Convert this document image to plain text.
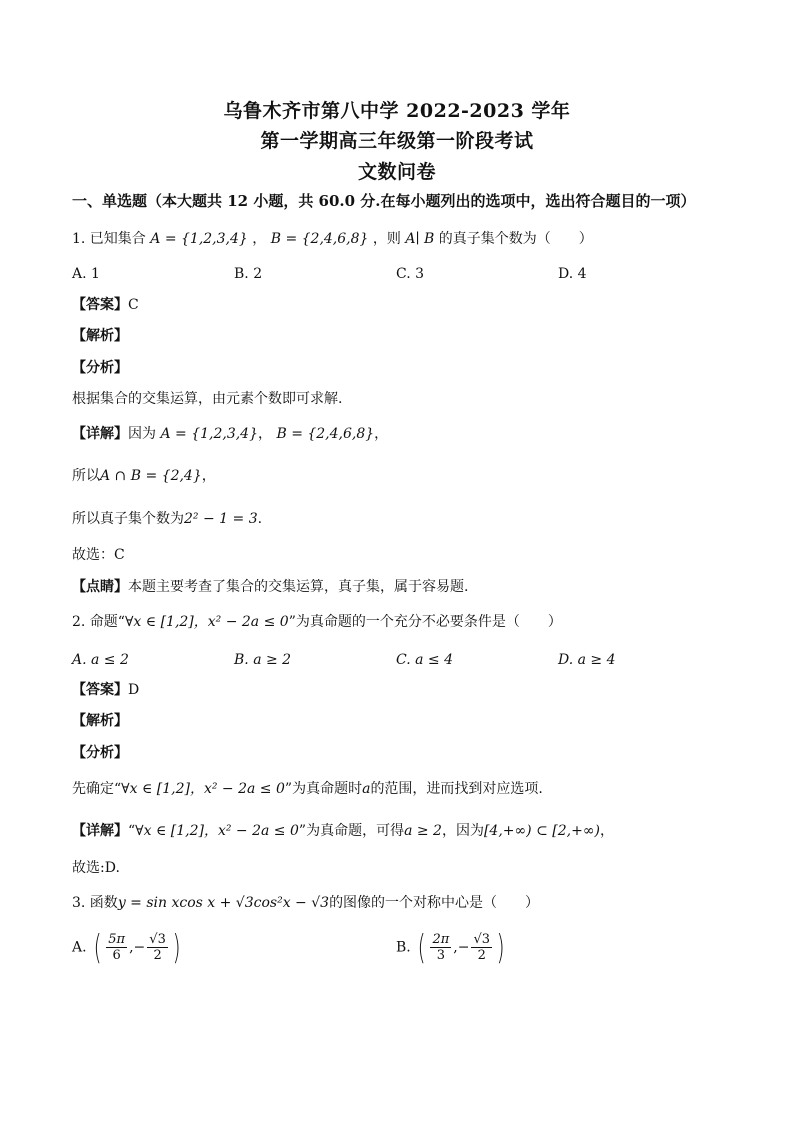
乌鲁木齐市第八中学 2022-2023 学年
第一学期高三年级第一阶段考试
文数问卷
一、单选题（本大题共 12 小题，共 60.0 分.在每小题列出的选项中，选出符合题目的一项）
1. 已知集合 A = {1,2,3,4} ， B = {2,4,6,8} ，则 A∣ B 的真子集个数为（　　）
A. 1	B. 2	C. 3	D. 4
【答案】C
【解析】
【分析】
根据集合的交集运算，由元素个数即可求解.
【详解】因为 A = {1,2,3,4}， B = {2,4,6,8}，
所以A ∩ B = {2,4}，
所以真子集个数为2² − 1 = 3.
故选：C
【点睛】本题主要考查了集合的交集运算，真子集，属于容易题.
2. 命题“∀x ∈ [1,2]，x² − 2a ≤ 0”为真命题的一个充分不必要条件是（　　）
A. a ≤ 2	B. a ≥ 2	C. a ≤ 4	D. a ≥ 4
【答案】D
【解析】
【分析】
先确定“∀x ∈ [1,2]，x² − 2a ≤ 0”为真命题时a的范围，进而找到对应选项.
【详解】“∀x ∈ [1,2]，x² − 2a ≤ 0”为真命题，可得a ≥ 2，因为[4,+∞) ⊂ [2,+∞)，
故选:D.
3. 函数y = sin xcos x + √3cos²x − √3的图像的一个对称中心是（　　）
A. ( $\frac{5\pi}{6}$ ,− $\frac{√3}{2}$ )	B. ( $\frac{2\pi}{3}$ ,− $\frac{√3}{2}$ )
